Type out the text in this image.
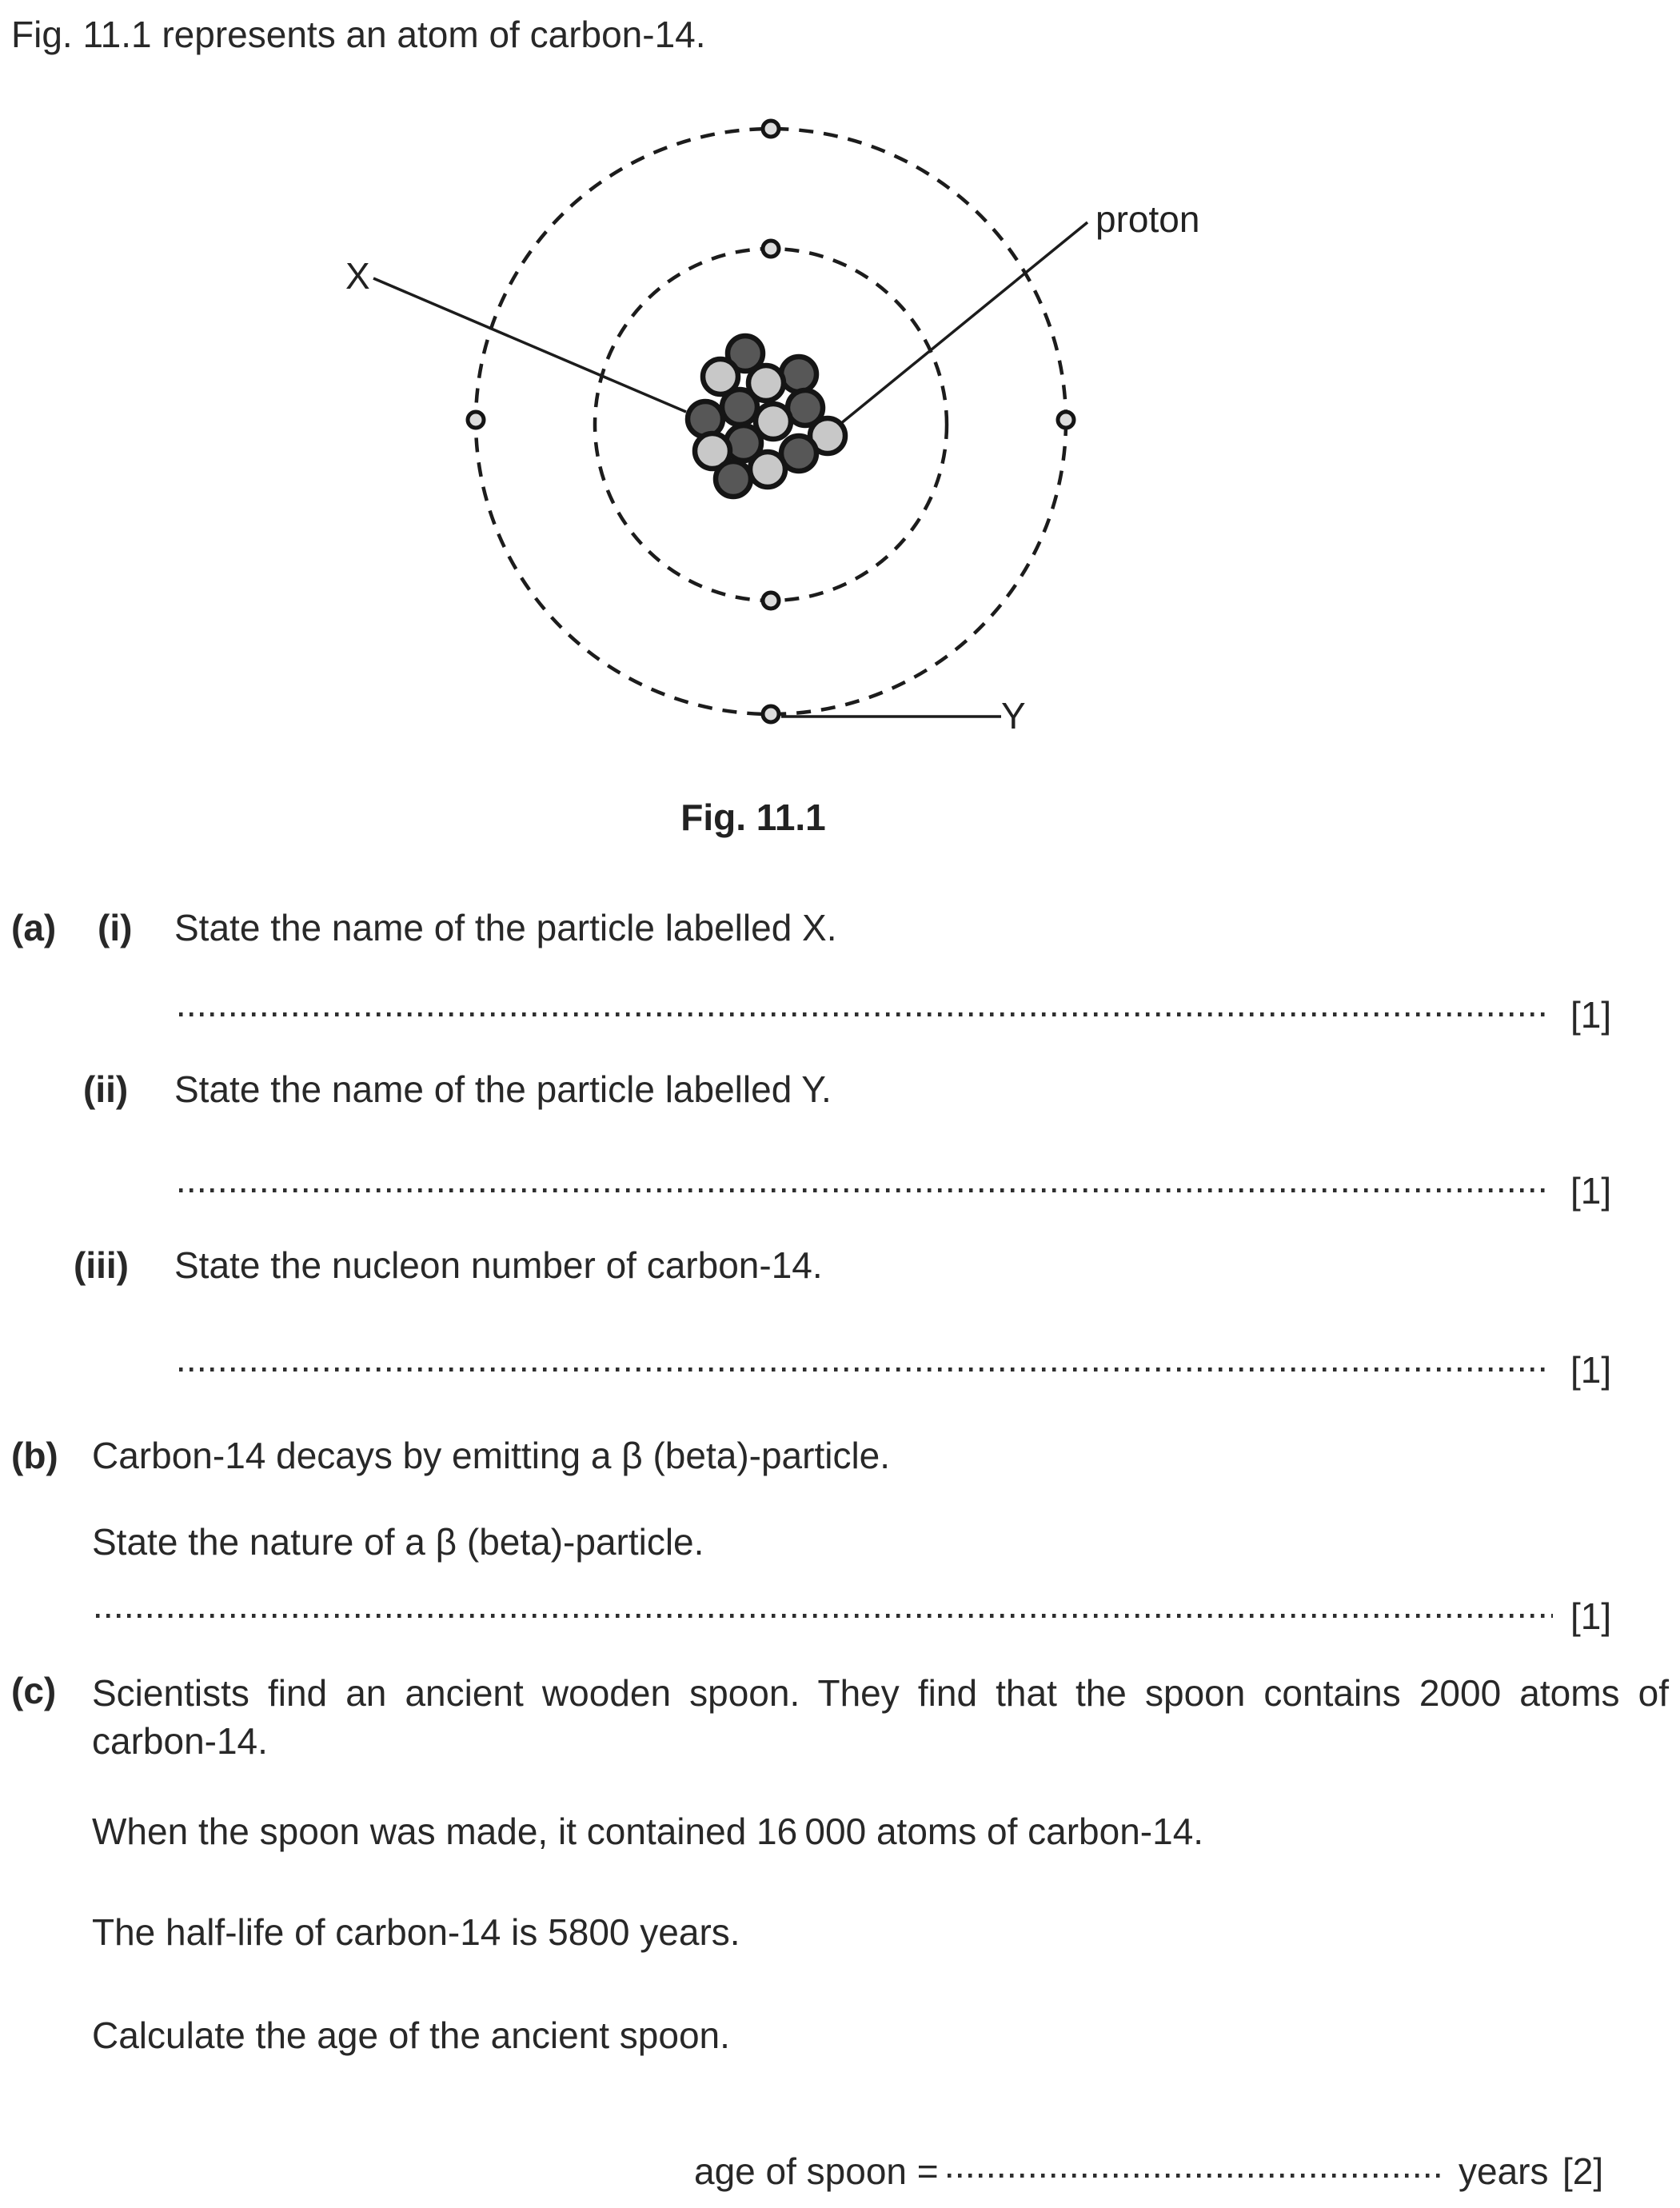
Fig. 11.1 represents an atom of carbon-14.
X
proton
Y
Fig. 11.1
(a) (i) State the name of the particle labelled X.
[1]
(ii) State the name of the particle labelled Y.
[1]
(iii) State the nucleon number of carbon-14.
[1]
(b) Carbon-14 decays by emitting a β (beta)-particle.
State the nature of a β (beta)-particle.
[1]
(c) Scientists find an ancient wooden spoon. They find that the spoon contains 2000 atoms of
carbon-14.
When the spoon was made, it contained 16 000 atoms of carbon-14.
The half-life of carbon-14 is 5800 years.
Calculate the age of the ancient spoon.
age of spoon =	years [2]
